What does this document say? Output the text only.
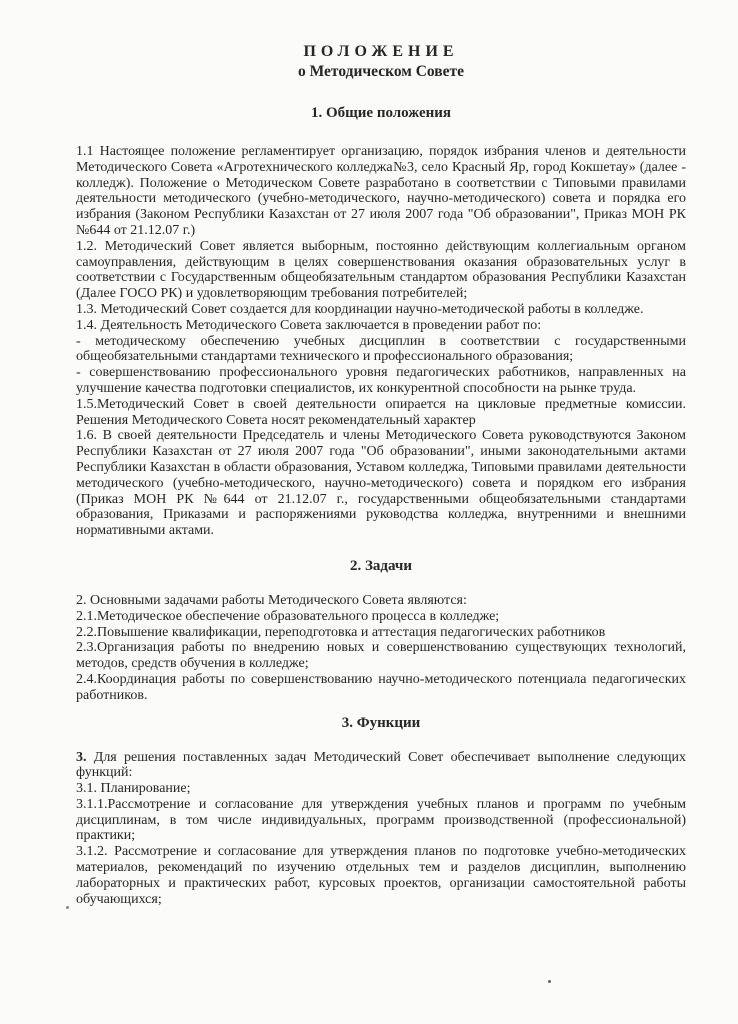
ПОЛОЖЕНИЕ

о Методическом Совете

1. Общие положения

1.1 Настоящее положение регламентирует организацию, порядок избрания членов и деятельности Методического Совета «Агротехнического колледжа№3, село Красный Яр, город Кокшетау» (далее - колледж). Положение о Методическом Совете разработано в соответствии с Типовыми правилами деятельности методического (учебно-методического, научно-методического) совета и порядка его избрания (Законом Республики Казахстан от 27 июля 2007 года "Об образовании", Приказ МОН РК №644 от 21.12.07 г.)

1.2. Методический Совет является выборным, постоянно действующим коллегиальным органом самоуправления, действующим в целях совершенствования оказания образовательных услуг в соответствии с Государственным общеобязательным стандартом образования Республики Казахстан (Далее ГОСО РК) и удовлетворяющим требования потребителей;

1.3. Методический Совет создается для координации научно-методической работы в колледже.

1.4. Деятельность Методического Совета заключается в проведении работ по:

- методическому обеспечению учебных дисциплин в соответствии с государственными общеобязательными стандартами технического и профессионального образования;

- совершенствованию профессионального уровня педагогических работников, направленных на улучшение качества подготовки специалистов, их конкурентной способности на рынке труда.

1.5.Методический Совет в своей деятельности опирается на цикловые предметные комиссии. Решения Методического Совета носят рекомендательный характер

1.6. В своей деятельности Председатель и члены Методического Совета руководствуются Законом Республики Казахстан от 27 июля 2007 года "Об образовании", иными законодательными актами Республики Казахстан в области образования, Уставом колледжа, Типовыми правилами деятельности методического (учебно-методического, научно-методического) совета и порядком его избрания (Приказ МОН РК №644 от 21.12.07 г., государственными общеобязательными стандартами образования, Приказами и распоряжениями руководства колледжа, внутренними и внешними нормативными актами.

2. Задачи

2. Основными задачами работы Методического Совета являются:

2.1.Методическое обеспечение образовательного процесса в колледже;

2.2.Повышение квалификации, переподготовка и аттестация педагогических работников

2.3.Организация работы по внедрению новых и совершенствованию существующих технологий, методов, средств обучения в колледже;

2.4.Координация работы по совершенствованию научно-методического потенциала педагогических работников.

3. Функции

3. Для решения поставленных задач Методический Совет обеспечивает выполнение следующих функций:

3.1. Планирование;

3.1.1.Рассмотрение и согласование для утверждения учебных планов и программ по учебным дисциплинам, в том числе индивидуальных, программ производственной (профессиональной) практики;

3.1.2. Рассмотрение и согласование для утверждения планов по подготовке учебно-методических материалов, рекомендаций по изучению отдельных тем и разделов дисциплин, выполнению лабораторных и практических работ, курсовых проектов, организации самостоятельной работы обучающихся;
